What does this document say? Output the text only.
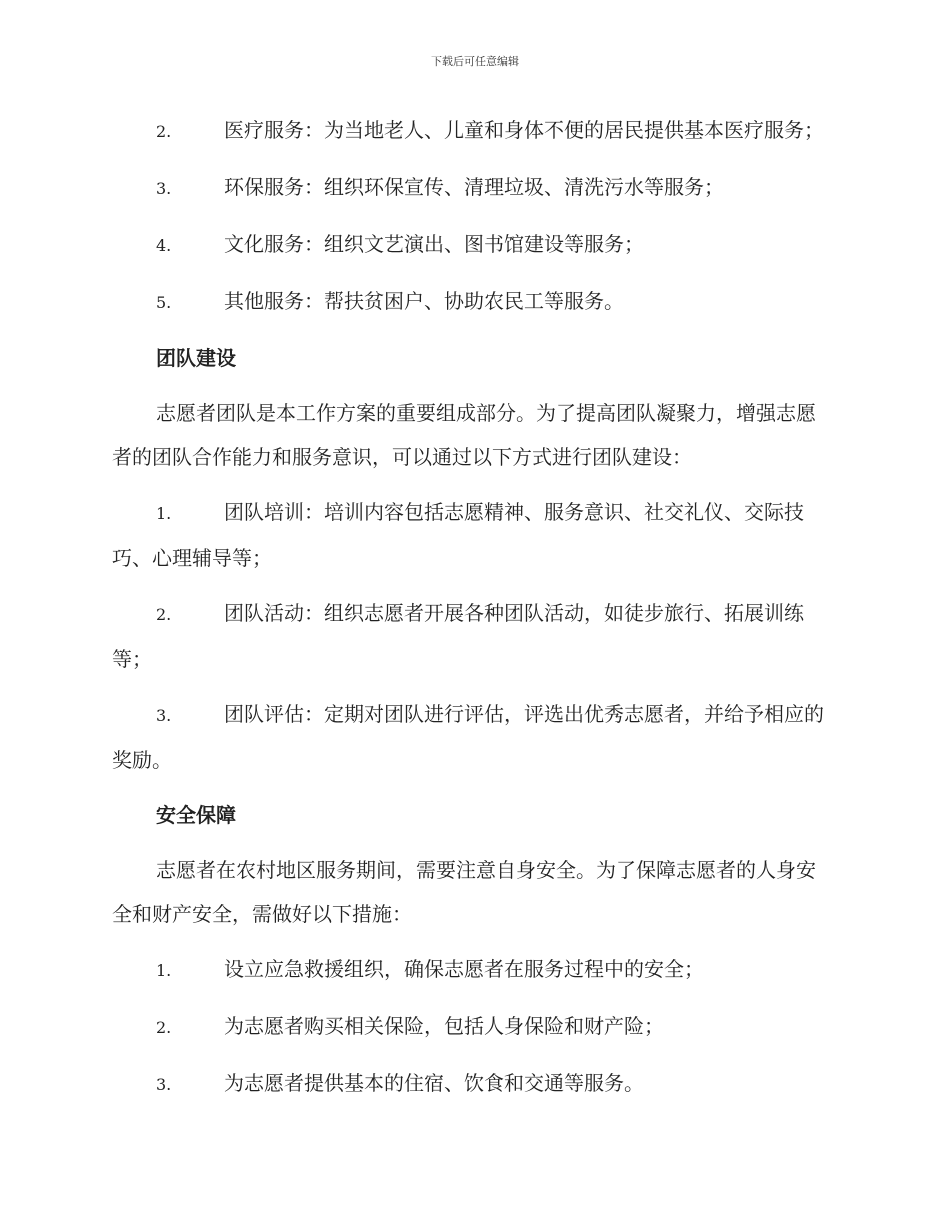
下载后可任意编辑

2.	医疗服务：为当地老人、儿童和身体不便的居民提供基本医疗服务；

3.	环保服务：组织环保宣传、清理垃圾、清洗污水等服务；

4.	文化服务：组织文艺演出、图书馆建设等服务；

5.	其他服务：帮扶贫困户、协助农民工等服务。

团队建设

志愿者团队是本工作方案的重要组成部分。为了提高团队凝聚力，增强志愿者的团队合作能力和服务意识，可以通过以下方式进行团队建设：

1.	团队培训：培训内容包括志愿精神、服务意识、社交礼仪、交际技巧、心理辅导等；

2.	团队活动：组织志愿者开展各种团队活动，如徒步旅行、拓展训练等；

3.	团队评估：定期对团队进行评估，评选出优秀志愿者，并给予相应的奖励。

安全保障

志愿者在农村地区服务期间，需要注意自身安全。为了保障志愿者的人身安全和财产安全，需做好以下措施：

1.	设立应急救援组织，确保志愿者在服务过程中的安全；

2.	为志愿者购买相关保险，包括人身保险和财产险；

3.	为志愿者提供基本的住宿、饮食和交通等服务。
